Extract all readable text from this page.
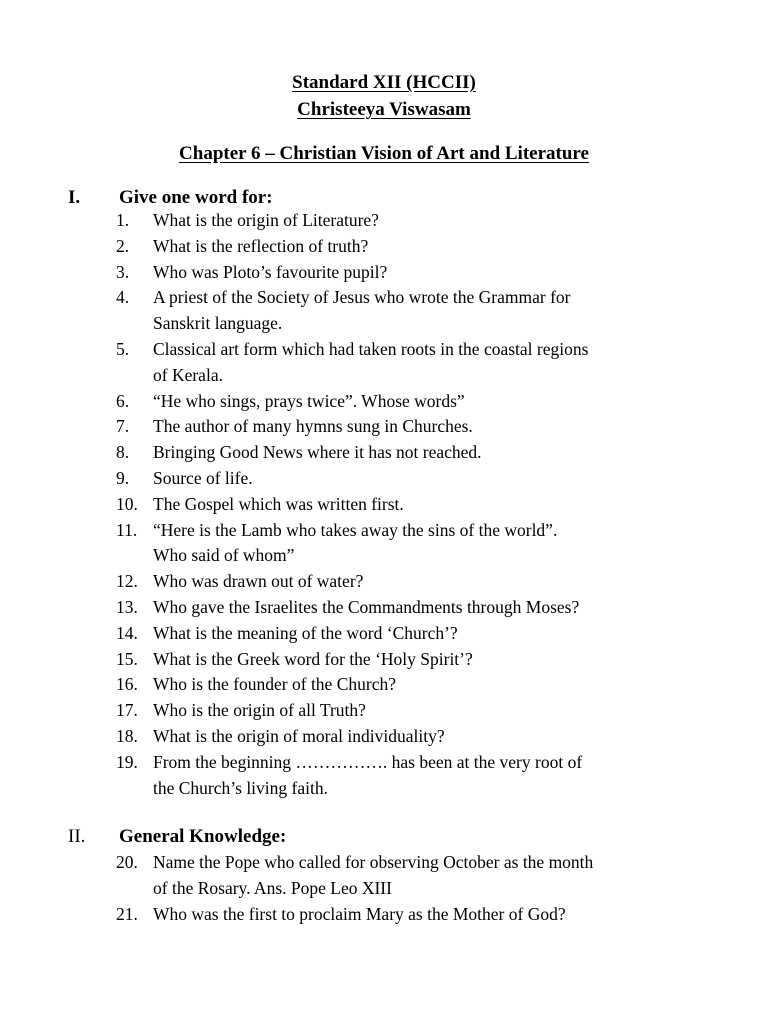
Standard XII (HCCII)
Christeeya Viswasam
Chapter 6 – Christian Vision of Art and Literature
I. Give one word for:
1.	What is the origin of Literature?
2.	What is the reflection of truth?
3.	Who was Ploto’s favourite pupil?
4.	A priest of the Society of Jesus who wrote the Grammar for
Sanskrit language.
5.	Classical art form which had taken roots in the coastal regions
of Kerala.
6.	“He who sings, prays twice”. Whose words”
7.	The author of many hymns sung in Churches.
8.	Bringing Good News where it has not reached.
9.	Source of life.
10. The Gospel which was written first.
11. “Here is the Lamb who takes away the sins of the world”.
Who said of whom”
12. Who was drawn out of water?
13. Who gave the Israelites the Commandments through Moses?
14. What is the meaning of the word ‘Church’?
15. What is the Greek word for the ‘Holy Spirit’?
16. Who is the founder of the Church?
17. Who is the origin of all Truth?
18. What is the origin of moral individuality?
19. From the beginning ……………. has been at the very root of
the Church’s living faith.
II. General Knowledge:
20. Name the Pope who called for observing October as the month
of the Rosary. Ans. Pope Leo XIII
21. Who was the first to proclaim Mary as the Mother of God?
